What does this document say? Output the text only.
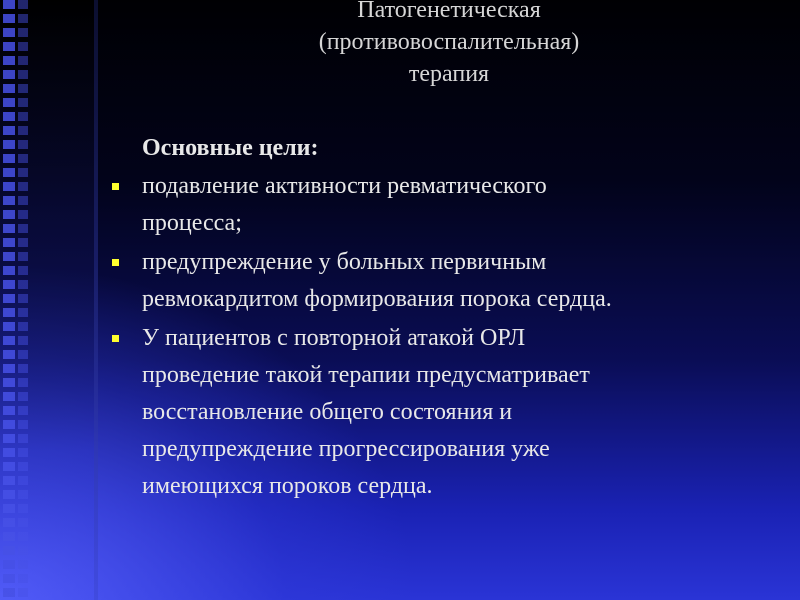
Патогенетическая
(противовоспалительная)
терапия
Основные цели:
подавление активности ревматического
процесса;
предупреждение у больных первичным
ревмокардитом формирования порока сердца.
У пациентов с повторной атакой ОРЛ
проведение такой терапии предусматривает
восстановление общего состояния и
предупреждение прогрессирования уже
имеющихся пороков сердца.
